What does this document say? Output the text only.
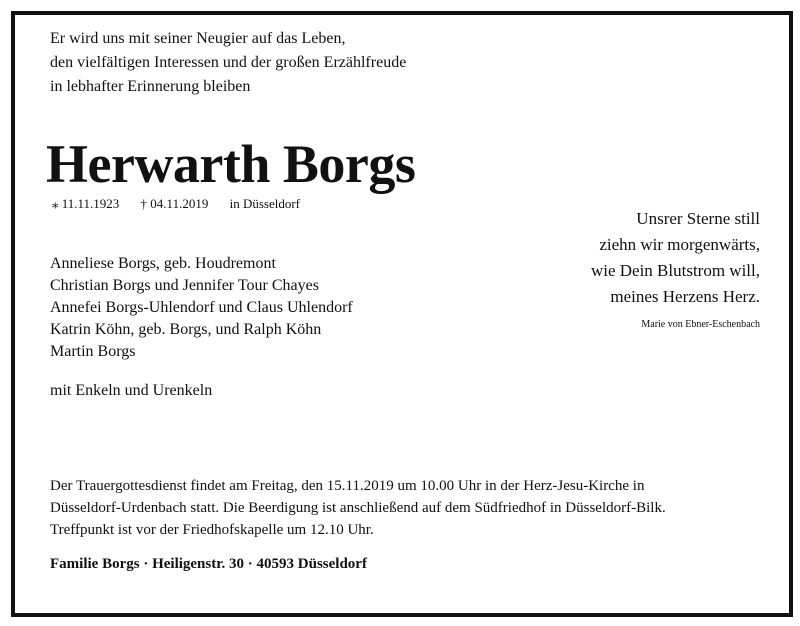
Er wird uns mit seiner Neugier auf das Leben,
den vielfältigen Interessen und der großen Erzählfreude
in lebhafter Erinnerung bleiben
Herwarth Borgs
⁎ 11.11.1923 † 04.11.2019 in Düsseldorf
Unsrer Sterne still
ziehn wir morgenwärts,
wie Dein Blutstrom will,
meines Herzens Herz.
Marie von Ebner-Eschenbach
Anneliese Borgs, geb. Houdremont
Christian Borgs und Jennifer Tour Chayes
Annefei Borgs-Uhlendorf und Claus Uhlendorf
Katrin Köhn, geb. Borgs, und Ralph Köhn
Martin Borgs
mit Enkeln und Urenkeln
Der Trauergottesdienst findet am Freitag, den 15.11.2019 um 10.00 Uhr in der Herz-Jesu-Kirche in
Düsseldorf-Urdenbach statt. Die Beerdigung ist anschließend auf dem Südfriedhof in Düsseldorf-Bilk.
Treffpunkt ist vor der Friedhofskapelle um 12.10 Uhr.
Familie Borgs · Heiligenstr. 30 · 40593 Düsseldorf
